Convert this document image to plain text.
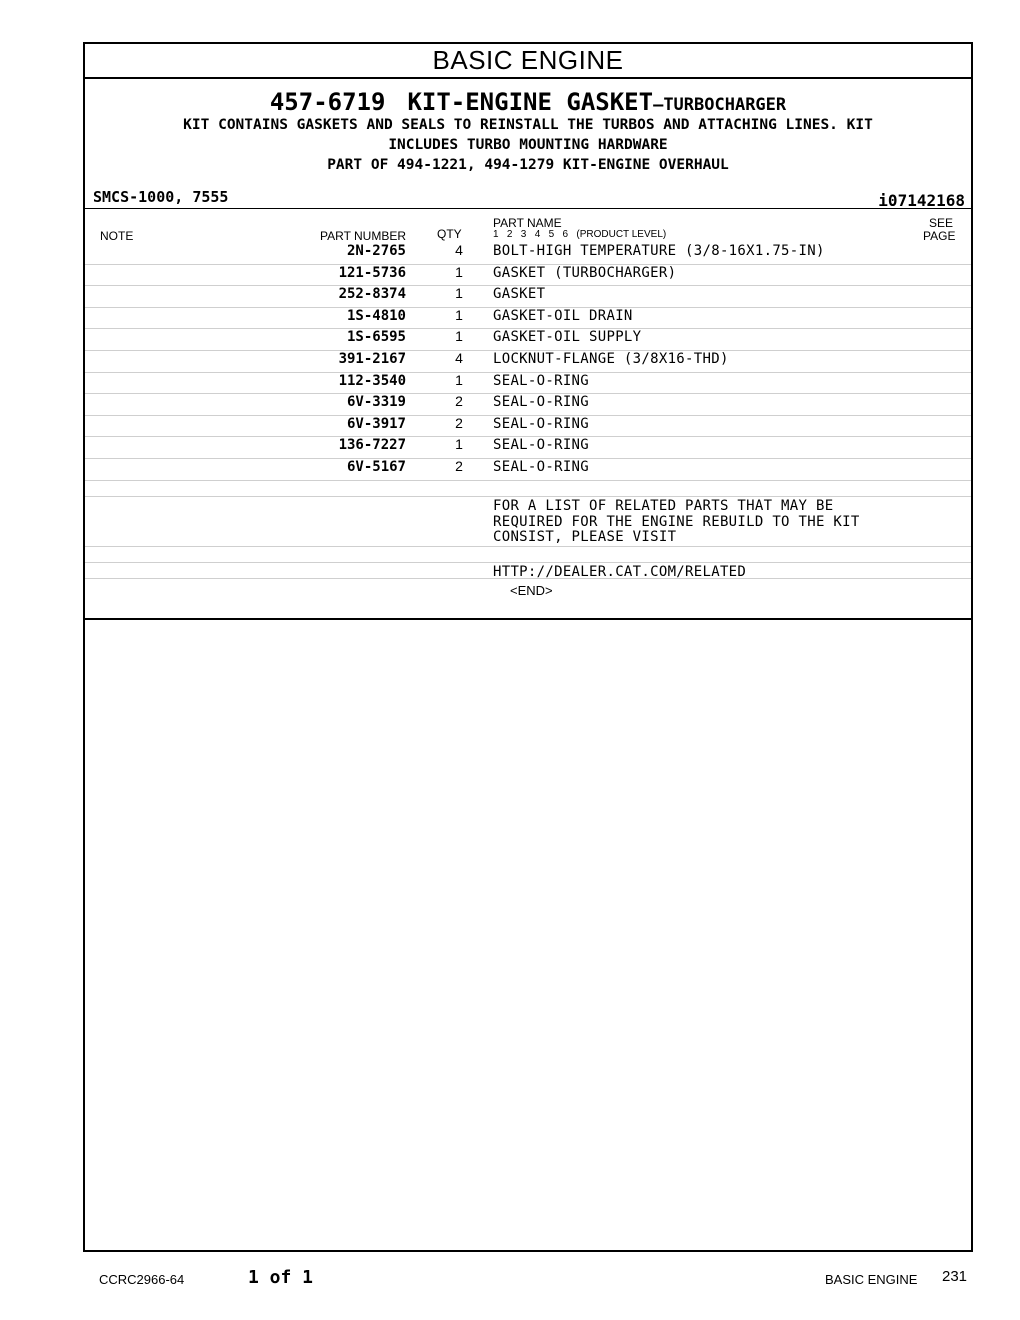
BASIC ENGINE
457-6719 KIT-ENGINE GASKET—TURBOCHARGER
KIT CONTAINS GASKETS AND SEALS TO REINSTALL THE TURBOS AND ATTACHING LINES. KIT
INCLUDES TURBO MOUNTING HARDWARE
PART OF 494-1221, 494-1279 KIT-ENGINE OVERHAUL
SMCS-1000, 7555	i07142168
NOTE	PART NUMBER	QTY
PART NAME
1   2   3   4   5   6   (PRODUCT LEVEL)
SEE
PAGE
2N-2765	4	BOLT-HIGH TEMPERATURE (3/8-16X1.75-IN)
121-5736	1	GASKET (TURBOCHARGER)
252-8374	1	GASKET
1S-4810	1	GASKET-OIL DRAIN
1S-6595	1	GASKET-OIL SUPPLY
391-2167	4	LOCKNUT-FLANGE (3/8X16-THD)
112-3540	1	SEAL-O-RING
6V-3319	2	SEAL-O-RING
6V-3917	2	SEAL-O-RING
136-7227	1	SEAL-O-RING
6V-5167	2	SEAL-O-RING
FOR A LIST OF RELATED PARTS THAT MAY BE
REQUIRED FOR THE ENGINE REBUILD TO THE KIT
CONSIST, PLEASE VISIT
HTTP://DEALER.CAT.COM/RELATED
<END>
CCRC2966-64	1 of 1	BASIC ENGINE 231
